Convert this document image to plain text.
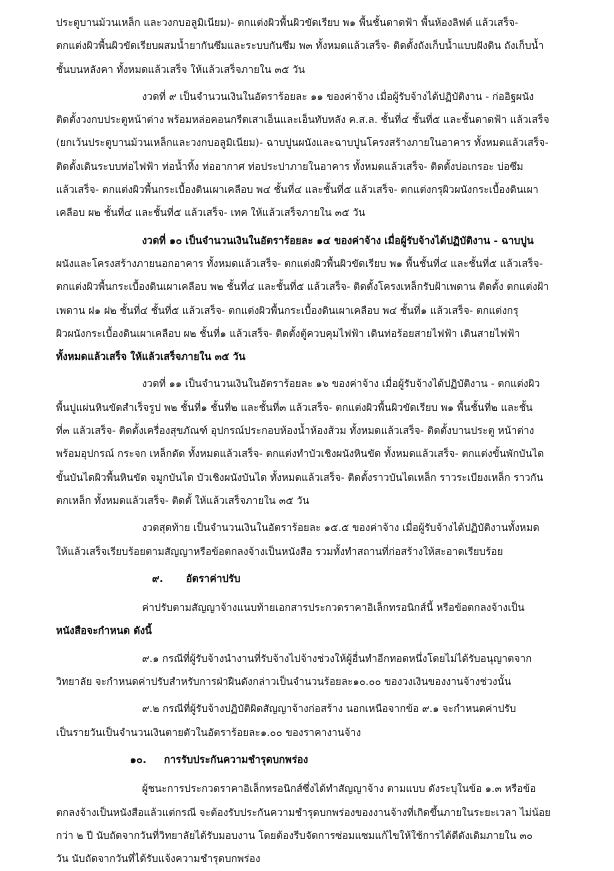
ประตูบานม้วนเหล็ก และวงกบอลูมิเนียม)- ตกแต่งผิวพื้นผิวขัดเรียบ พ๑ พื้นชั้นดาดฟ้า พื้นห้องลิฟต์ แล้วเสร็จ-
ตกแต่งผิวพื้นผิวขัดเรียบผสมน้ำยากันซึมและระบบกันซึม พ๓ ทั้งหมดแล้วเสร็จ- ติดตั้งถังเก็บน้ำแบบฝังดิน ถังเก็บน้ำ
ชั้นบนหลังคา ทั้งหมดแล้วเสร็จ ให้แล้วเสร็จภายใน ๓๕ วัน
งวดที่ ๙ เป็นจำนวนเงินในอัตราร้อยละ ๑๑ ของค่าจ้าง เมื่อผู้รับจ้างได้ปฏิบัติงาน - ก่ออิฐผนัง
ติดตั้งวงกบประตูหน้าต่าง พร้อมหล่อคอนกรีตเสาเอ็นและเอ็นทับหลัง ค.ส.ล. ชั้นที่๔ ชั้นที่๕ และชั้นดาดฟ้า แล้วเสร็จ
(ยกเว้นประตูบานม้วนเหล็กและวงกบอลูมิเนียม)- ฉาบปูนผนังและฉาบปูนโครงสร้างภายในอาคาร ทั้งหมดแล้วเสร็จ-
ติดตั้งเดินระบบท่อไฟฟ้า ท่อน้ำทิ้ง ท่ออากาศ ท่อประปาภายในอาคาร ทั้งหมดแล้วเสร็จ- ติดตั้งบ่อเกรอะ บ่อซึม
แล้วเสร็จ- ตกแต่งผิวพื้นกระเบื้องดินเผาเคลือบ พ๔ ชั้นที่๔ และชั้นที่๕ แล้วเสร็จ- ตกแต่งกรุผิวผนังกระเบื้องดินเผา
เคลือบ ผ๒ ชั้นที่๔ และชั้นที่๕ แล้วเสร็จ- เทค ให้แล้วเสร็จภายใน ๓๕ วัน
งวดที่ ๑๐ เป็นจำนวนเงินในอัตราร้อยละ ๑๔ ของค่าจ้าง เมื่อผู้รับจ้างได้ปฏิบัติงาน - ฉาบปูน
ผนังและโครงสร้างภายนอกอาคาร ทั้งหมดแล้วเสร็จ- ตกแต่งผิวพื้นผิวขัดเรียบ พ๑ พื้นชั้นที่๔ และชั้นที่๕ แล้วเสร็จ-
ตกแต่งผิวพื้นกระเบื้องดินเผาเคลือบ พ๒ ชั้นที่๔ และชั้นที่๕ แล้วเสร็จ- ติดตั้งโครงเหล็กรับฝ้าเพดาน ติดตั้ง ตกแต่งฝ้า
เพดาน ฝ๑ ฝ๒ ชั้นที่๔ ชั้นที่๕ แล้วเสร็จ- ตกแต่งผิวพื้นกระเบื้องดินเผาเคลือบ พ๔ ชั้นที่๑ แล้วเสร็จ- ตกแต่งกรุ
ผิวผนังกระเบื้องดินเผาเคลือบ ผ๒ ชั้นที่๑ แล้วเสร็จ- ติดตั้งตู้ควบคุมไฟฟ้า เดินท่อร้อยสายไฟฟ้า เดินสายไฟฟ้า
ทั้งหมดแล้วเสร็จ ให้แล้วเสร็จภายใน ๓๕ วัน
งวดที่ ๑๑ เป็นจำนวนเงินในอัตราร้อยละ ๑๖ ของค่าจ้าง เมื่อผู้รับจ้างได้ปฏิบัติงาน - ตกแต่งผิว
พื้นปูแผ่นหินขัดสำเร็จรูป พ๒ ชั้นที่๑ ชั้นที่๒ และชั้นที่๓ แล้วเสร็จ- ตกแต่งผิวพื้นผิวขัดเรียบ พ๑ พื้นชั้นที่๒ และชั้น
ที่๓ แล้วเสร็จ- ติดตั้งเครื่องสุขภัณฑ์ อุปกรณ์ประกอบห้องน้ำห้องส้วม ทั้งหมดแล้วเสร็จ- ติดตั้งบานประตู หน้าต่าง
พร้อมอุปกรณ์ กระจก เหล็กดัด ทั้งหมดแล้วเสร็จ- ตกแต่งทำบัวเชิงผนังหินขัด ทั้งหมดแล้วเสร็จ- ตกแต่งขั้นพักบันได
ขั้นบันไดผิวพื้นหินขัด จมูกบันได บัวเชิงผนังบันได ทั้งหมดแล้วเสร็จ- ติดตั้งราวบันไดเหล็ก ราวระเบียงเหล็ก ราวกัน
ตกเหล็ก ทั้งหมดแล้วเสร็จ- ติดตั้ ให้แล้วเสร็จภายใน ๓๕ วัน
งวดสุดท้าย เป็นจำนวนเงินในอัตราร้อยละ ๑๕.๕ ของค่าจ้าง เมื่อผู้รับจ้างได้ปฏิบัติงานทั้งหมด
ให้แล้วเสร็จเรียบร้อยตามสัญญาหรือข้อตกลงจ้างเป็นหนังสือ รวมทั้งทำสถานที่ก่อสร้างให้สะอาดเรียบร้อย
๙. อัตราค่าปรับ
ค่าปรับตามสัญญาจ้างแนบท้ายเอกสารประกวดราคาอิเล็กทรอนิกส์นี้ หรือข้อตกลงจ้างเป็น
หนังสือจะกำหนด ดังนี้
๙.๑ กรณีที่ผู้รับจ้างนำงานที่รับจ้างไปจ้างช่วงให้ผู้อื่นทำอีกทอดหนึ่งโดยไม่ได้รับอนุญาตจาก
วิทยาลัย จะกำหนดค่าปรับสำหรับการฝ่าฝืนดังกล่าวเป็นจำนวนร้อยละ๑๐.๐๐ ของวงเงินของงานจ้างช่วงนั้น
๙.๒ กรณีที่ผู้รับจ้างปฏิบัติผิดสัญญาจ้างก่อสร้าง นอกเหนือจากข้อ ๙.๑ จะกำหนดค่าปรับ
เป็นรายวันเป็นจำนวนเงินตายตัวในอัตราร้อยละ๑.๐๐ ของราคางานจ้าง
๑๐. การรับประกันความชำรุดบกพร่อง
ผู้ชนะการประกวดราคาอิเล็กทรอนิกส์ซึ่งได้ทำสัญญาจ้าง ตามแบบ ดังระบุในข้อ ๑.๓ หรือข้อ
ตกลงจ้างเป็นหนังสือแล้วแต่กรณี จะต้องรับประกันความชำรุดบกพร่องของงานจ้างที่เกิดขึ้นภายในระยะเวลา ไม่น้อย
กว่า ๒ ปี นับถัดจากวันที่วิทยาลัยได้รับมอบงาน โดยต้องรีบจัดการซ่อมแซมแก้ไขให้ใช้การได้ดีดังเดิมภายใน ๓๐
วัน นับถัดจากวันที่ได้รับแจ้งความชำรุดบกพร่อง
